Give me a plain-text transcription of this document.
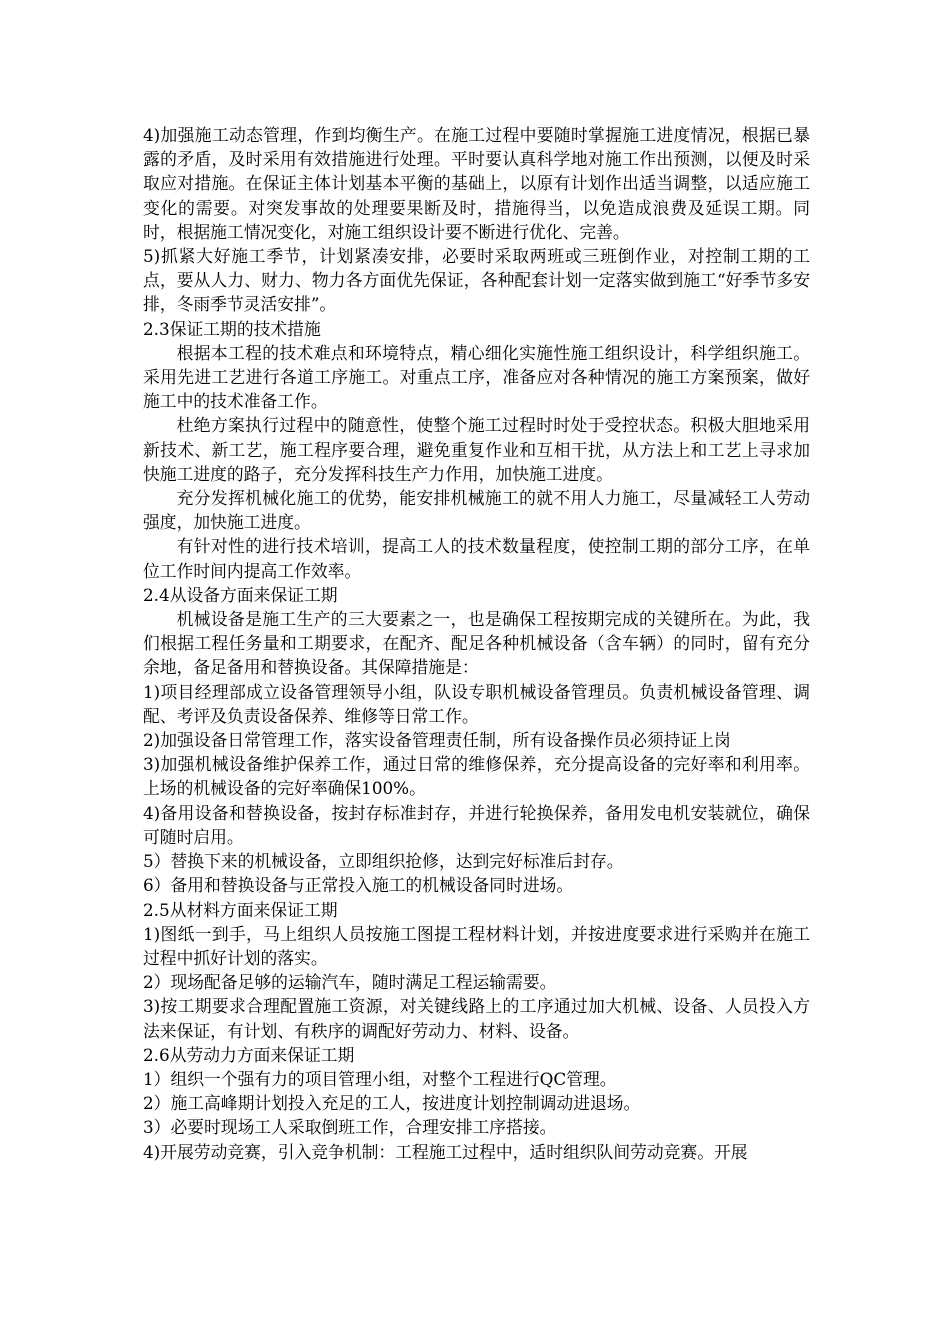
4)加强施工动态管理，作到均衡生产。在施工过程中要随时掌握施工进度情况，根据已暴露的矛盾，及时采用有效措施进行处理。平时要认真科学地对施工作出预测，以便及时采取应对措施。在保证主体计划基本平衡的基础上，以原有计划作出适当调整，以适应施工变化的需要。对突发事故的处理要果断及时，措施得当，以免造成浪费及延误工期。同时，根据施工情况变化，对施工组织设计要不断进行优化、完善。

5)抓紧大好施工季节，计划紧凑安排，必要时采取两班或三班倒作业，对控制工期的工点，要从人力、财力、物力各方面优先保证，各种配套计划一定落实做到施工“好季节多安排，冬雨季节灵活安排”。

2.3保证工期的技术措施

根据本工程的技术难点和环境特点，精心细化实施性施工组织设计，科学组织施工。采用先进工艺进行各道工序施工。对重点工序，准备应对各种情况的施工方案预案，做好施工中的技术准备工作。

杜绝方案执行过程中的随意性，使整个施工过程时时处于受控状态。积极大胆地采用新技术、新工艺，施工程序要合理，避免重复作业和互相干扰，从方法上和工艺上寻求加快施工进度的路子，充分发挥科技生产力作用，加快施工进度。

充分发挥机械化施工的优势，能安排机械施工的就不用人力施工，尽量减轻工人劳动强度，加快施工进度。

有针对性的进行技术培训，提高工人的技术数量程度，使控制工期的部分工序，在单位工作时间内提高工作效率。

2.4从设备方面来保证工期

机械设备是施工生产的三大要素之一，也是确保工程按期完成的关键所在。为此，我们根据工程任务量和工期要求，在配齐、配足各种机械设备（含车辆）的同时，留有充分余地，备足备用和替换设备。其保障措施是：

1)项目经理部成立设备管理领导小组，队设专职机械设备管理员。负责机械设备管理、调配、考评及负责设备保养、维修等日常工作。

2)加强设备日常管理工作，落实设备管理责任制，所有设备操作员必须持证上岗

3)加强机械设备维护保养工作，通过日常的维修保养，充分提高设备的完好率和利用率。上场的机械设备的完好率确保100%。

4)备用设备和替换设备，按封存标准封存，并进行轮换保养，备用发电机安装就位，确保可随时启用。

5）替换下来的机械设备，立即组织抢修，达到完好标准后封存。

6）备用和替换设备与正常投入施工的机械设备同时进场。

2.5从材料方面来保证工期

1)图纸一到手，马上组织人员按施工图提工程材料计划，并按进度要求进行采购并在施工过程中抓好计划的落实。

2）现场配备足够的运输汽车，随时满足工程运输需要。

3)按工期要求合理配置施工资源，对关键线路上的工序通过加大机械、设备、人员投入方法来保证，有计划、有秩序的调配好劳动力、材料、设备。

2.6从劳动力方面来保证工期

1）组织一个强有力的项目管理小组，对整个工程进行QC管理。

2）施工高峰期计划投入充足的工人，按进度计划控制调动进退场。

3）必要时现场工人采取倒班工作，合理安排工序搭接。

4)开展劳动竞赛，引入竞争机制：工程施工过程中，适时组织队间劳动竞赛。开展
